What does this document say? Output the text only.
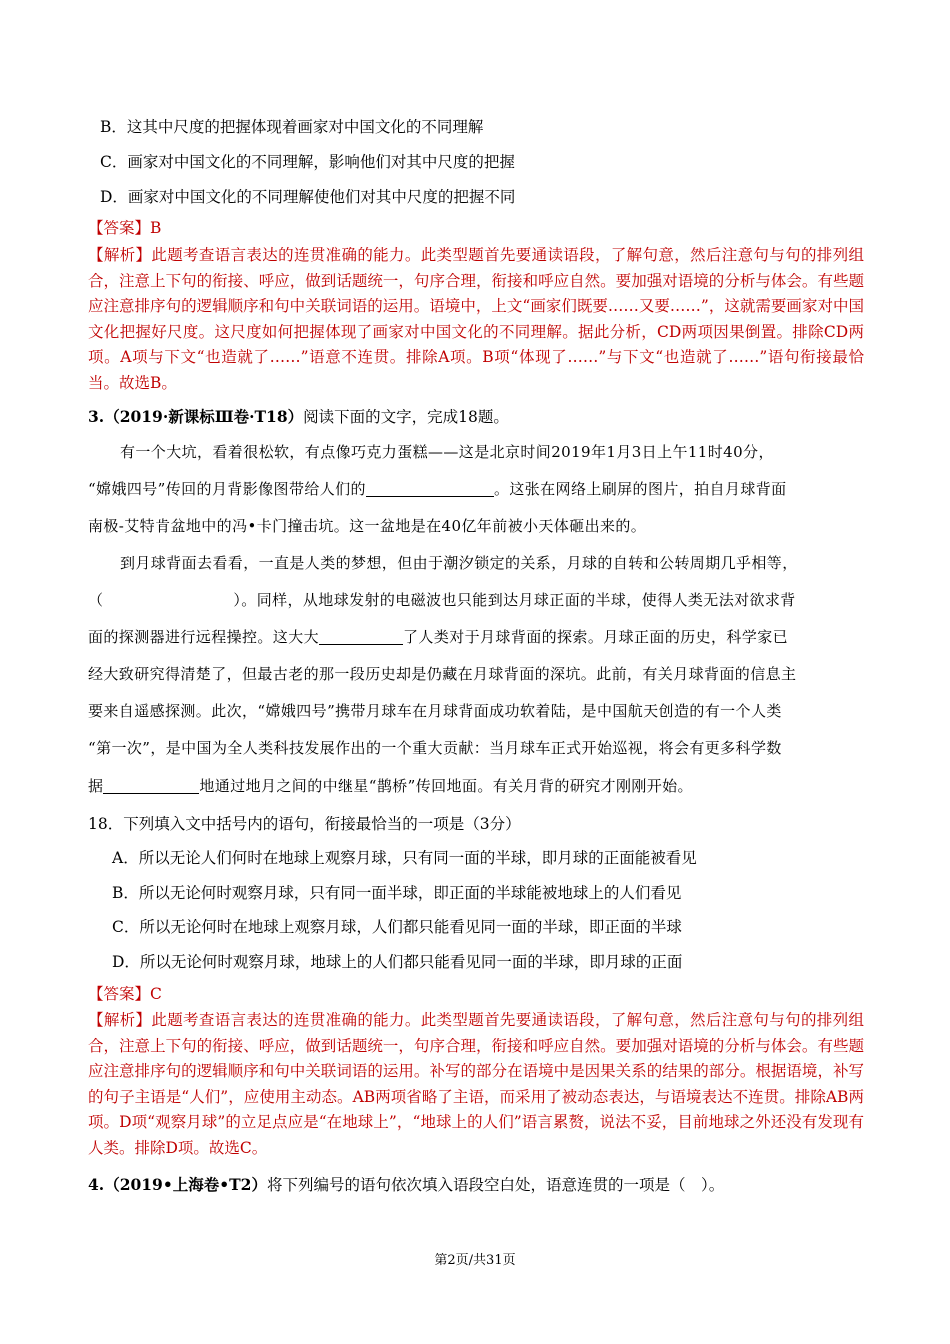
B．这其中尺度的把握体现着画家对中国文化的不同理解
C．画家对中国文化的不同理解，影响他们对其中尺度的把握
D．画家对中国文化的不同理解使他们对其中尺度的把握不同
【答案】B
【解析】此题考查语言表达的连贯准确的能力。此类型题首先要通读语段，了解句意，然后注意句与句的排列组合，注意上下句的衔接、呼应，做到话题统一，句序合理，衔接和呼应自然。要加强对语境的分析与体会。有些题应注意排序句的逻辑顺序和句中关联词语的运用。语境中，上文“画家们既要……又要……”，这就需要画家对中国文化把握好尺度。这尺度如何把握体现了画家对中国文化的不同理解。据此分析，CD两项因果倒置。排除CD两项。A项与下文“也造就了……”语意不连贯。排除A项。B项“体现了……”与下文“也造就了……”语句衔接最恰当。故选B。
3.（2019·新课标Ⅲ卷·T18）阅读下面的文字，完成18题。
有一个大坑，看着很松软，有点像巧克力蛋糕——这是北京时间2019年1月3日上午11时40分，
“嫦娥四号”传回的月背影像图带给人们的	。这张在网络上刷屏的图片，拍自月球背面
南极-艾特肯盆地中的冯•卡门撞击坑。这一盆地是在40亿年前被小天体砸出来的。
到月球背面去看看，一直是人类的梦想，但由于潮汐锁定的关系，月球的自转和公转周期几乎相等，
（	）。同样，从地球发射的电磁波也只能到达月球正面的半球，使得人类无法对欲求背
面的探测器进行远程操控。这大大	了人类对于月球背面的探索。月球正面的历史，科学家已
经大致研究得清楚了，但最古老的那一段历史却是仍藏在月球背面的深坑。此前，有关月球背面的信息主
要来自遥感探测。此次，“嫦娥四号”携带月球车在月球背面成功软着陆，是中国航天创造的有一个人类
“第一次”，是中国为全人类科技发展作出的一个重大贡献：当月球车正式开始巡视，将会有更多科学数
据	地通过地月之间的中继星“鹊桥”传回地面。有关月背的研究才刚刚开始。
18．下列填入文中括号内的语句，衔接最恰当的一项是（3分）
A．所以无论人们何时在地球上观察月球，只有同一面的半球，即月球的正面能被看见
B．所以无论何时观察月球，只有同一面半球，即正面的半球能被地球上的人们看见
C．所以无论何时在地球上观察月球，人们都只能看见同一面的半球，即正面的半球
D．所以无论何时观察月球，地球上的人们都只能看见同一面的半球，即月球的正面
【答案】C
【解析】此题考查语言表达的连贯准确的能力。此类型题首先要通读语段，了解句意，然后注意句与句的排列组合，注意上下句的衔接、呼应，做到话题统一，句序合理，衔接和呼应自然。要加强对语境的分析与体会。有些题应注意排序句的逻辑顺序和句中关联词语的运用。补写的部分在语境中是因果关系的结果的部分。根据语境，补写的句子主语是“人们”，应使用主动态。AB两项省略了主语，而采用了被动态表达，与语境表达不连贯。排除AB两项。D项“观察月球”的立足点应是“在地球上”，“地球上的人们”语言累赘，说法不妥，目前地球之外还没有发现有人类。排除D项。故选C。
4.（2019•上海卷•T2）将下列编号的语句依次填入语段空白处，语意连贯的一项是（　）。
第2页/共31页
